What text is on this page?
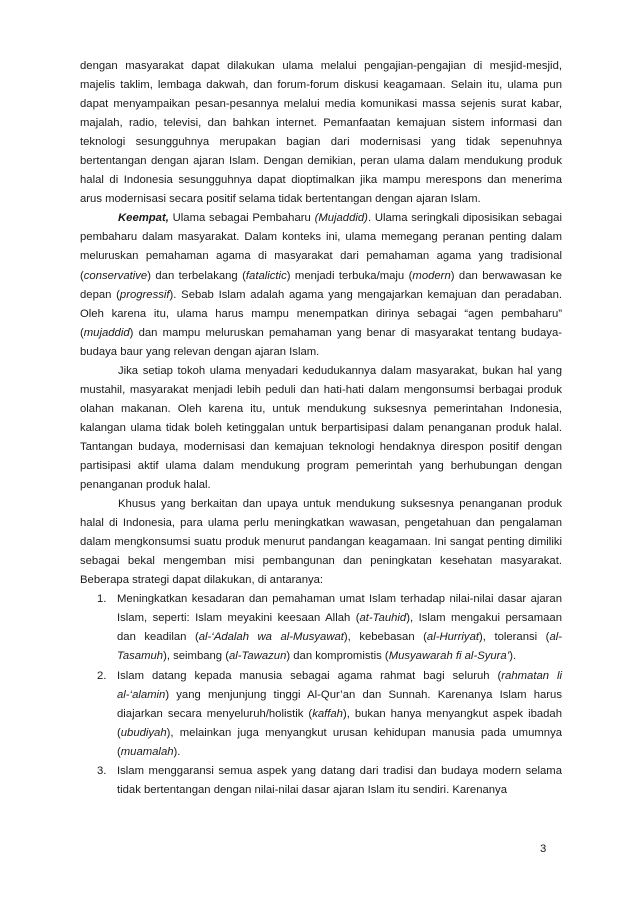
dengan masyarakat dapat dilakukan ulama melalui pengajian-pengajian di mesjid-mesjid, majelis taklim, lembaga dakwah, dan forum-forum diskusi keagamaan. Selain itu, ulama pun dapat menyampaikan pesan-pesannya melalui media komunikasi massa sejenis surat kabar, majalah, radio, televisi, dan bahkan internet. Pemanfaatan kemajuan sistem informasi dan teknologi sesungguhnya merupakan bagian dari modernisasi yang tidak sepenuhnya bertentangan dengan ajaran Islam. Dengan demikian, peran ulama dalam mendukung produk halal di Indonesia sesungguhnya dapat dioptimalkan jika mampu merespons dan menerima arus modernisasi secara positif selama tidak bertentangan dengan ajaran Islam.

Keempat, Ulama sebagai Pembaharu (Mujaddid). Ulama seringkali diposisikan sebagai pembaharu dalam masyarakat. Dalam konteks ini, ulama memegang peranan penting dalam meluruskan pemahaman agama di masyarakat dari pemahaman agama yang tradisional (conservative) dan terbelakang (fatalictic) menjadi terbuka/maju (modern) dan berwawasan ke depan (progressif). Sebab Islam adalah agama yang mengajarkan kemajuan dan peradaban. Oleh karena itu, ulama harus mampu menempatkan dirinya sebagai “agen pembaharu” (mujaddid) dan mampu meluruskan pemahaman yang benar di masyarakat tentang budaya-budaya baur yang relevan dengan ajaran Islam.

Jika setiap tokoh ulama menyadari kedudukannya dalam masyarakat, bukan hal yang mustahil, masyarakat menjadi lebih peduli dan hati-hati dalam mengonsumsi berbagai produk olahan makanan. Oleh karena itu, untuk mendukung suksesnya pemerintahan Indonesia, kalangan ulama tidak boleh ketinggalan untuk berpartisipasi dalam penanganan produk halal. Tantangan budaya, modernisasi dan kemajuan teknologi hendaknya direspon positif dengan partisipasi aktif ulama dalam mendukung program pemerintah yang berhubungan dengan penanganan produk halal.

Khusus yang berkaitan dan upaya untuk mendukung suksesnya penanganan produk halal di Indonesia, para ulama perlu meningkatkan wawasan, pengetahuan dan pengalaman dalam mengkonsumsi suatu produk menurut pandangan keagamaan. Ini sangat penting dimiliki sebagai bekal mengemban misi pembangunan dan peningkatan kesehatan masyarakat. Beberapa strategi dapat dilakukan, di antaranya:

1. Meningkatkan kesadaran dan pemahaman umat Islam terhadap nilai-nilai dasar ajaran Islam, seperti: Islam meyakini keesaan Allah (at-Tauhid), Islam mengakui persamaan dan keadilan (al-‘Adalah wa al-Musyawat), kebebasan (al-Hurriyat), toleransi (al-Tasamuh), seimbang (al-Tawazun) dan kompromistis (Musyawarah fi al-Syura’).
2. Islam datang kepada manusia sebagai agama rahmat bagi seluruh (rahmatan li al-‘alamin) yang menjunjung tinggi Al-Qur’an dan Sunnah. Karenanya Islam harus diajarkan secara menyeluruh/holistik (kaffah), bukan hanya menyangkut aspek ibadah (ubudiyah), melainkan juga menyangkut urusan kehidupan manusia pada umumnya (muamalah).
3. Islam menggaransi semua aspek yang datang dari tradisi dan budaya modern selama tidak bertentangan dengan nilai-nilai dasar ajaran Islam itu sendiri. Karenanya
3
